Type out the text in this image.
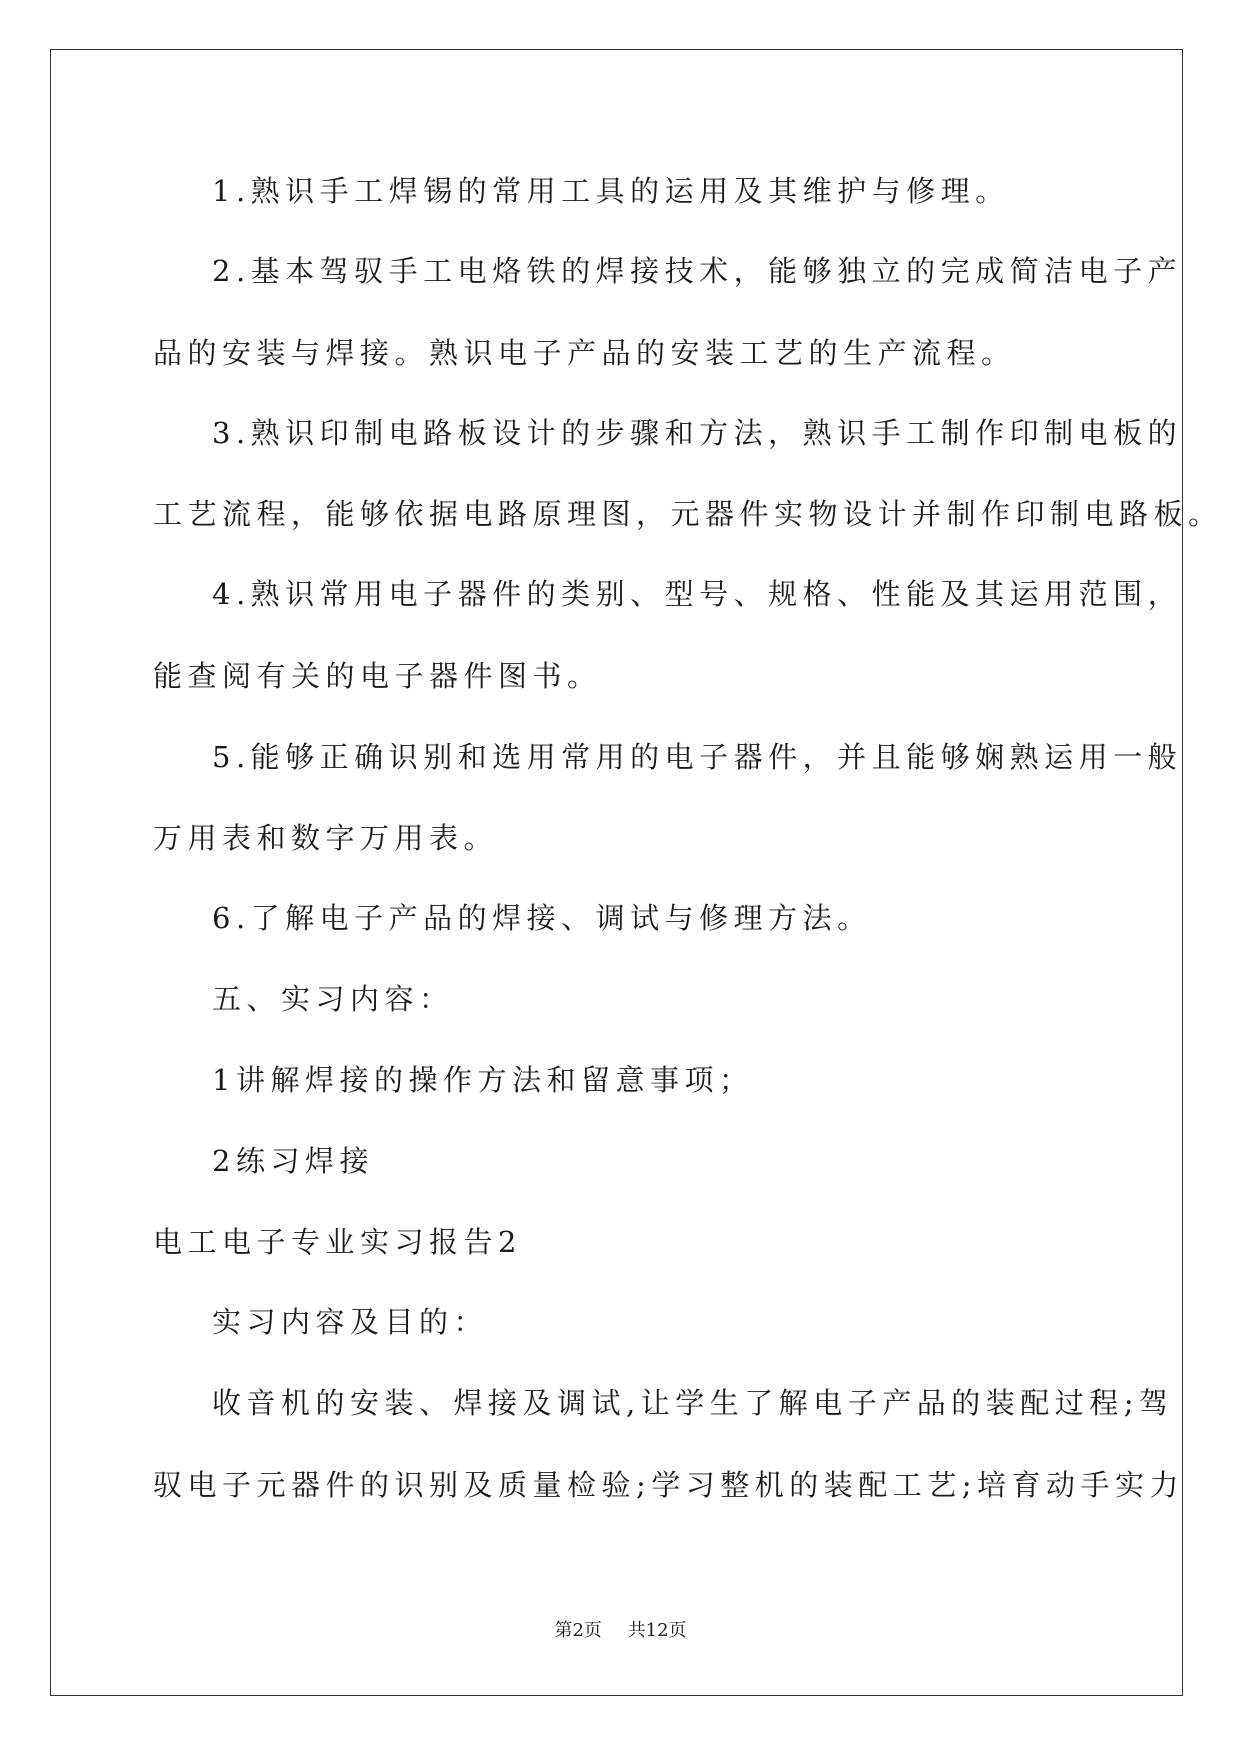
1.熟识手工焊锡的常用工具的运用及其维护与修理。
2.基本驾驭手工电烙铁的焊接技术，能够独立的完成简洁电子产
品的安装与焊接。熟识电子产品的安装工艺的生产流程。
3.熟识印制电路板设计的步骤和方法，熟识手工制作印制电板的
工艺流程，能够依据电路原理图，元器件实物设计并制作印制电路板。
4.熟识常用电子器件的类别、型号、规格、性能及其运用范围，
能查阅有关的电子器件图书。
5.能够正确识别和选用常用的电子器件，并且能够娴熟运用一般
万用表和数字万用表。
6.了解电子产品的焊接、调试与修理方法。
五、实习内容：
1讲解焊接的操作方法和留意事项；
2练习焊接
电工电子专业实习报告2
实习内容及目的：
收音机的安装、焊接及调试,让学生了解电子产品的装配过程;驾
驭电子元器件的识别及质量检验;学习整机的装配工艺;培育动手实力
第2页 共12页
